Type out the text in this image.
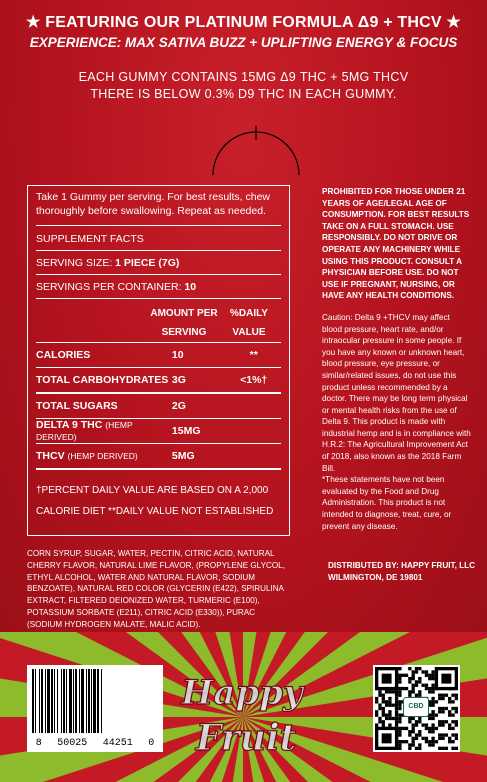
★ FEATURING OUR PLATINUM FORMULA Δ9 + THCV ★
EXPERIENCE: MAX SATIVA BUZZ + UPLIFTING ENERGY & FOCUS
EACH GUMMY CONTAINS 15MG Δ9 THC + 5MG THCV
THERE IS BELOW 0.3% D9 THC IN EACH GUMMY.
Take 1 Gummy per serving. For best results, chew thoroughly before swallowing. Repeat as needed.
SUPPLEMENT FACTS
SERVING SIZE: 1 PIECE (7G)
SERVINGS PER CONTAINER: 10
AMOUNT PER
SERVING
%DAILY
VALUE
CALORIES	10	**
TOTAL CARBOHYDRATES 3G	<1%†
TOTAL SUGARS	2G
DELTA 9 THC (HEMP DERIVED)	15MG
THCV (HEMP DERIVED)	5MG
†PERCENT DAILY VALUE ARE BASED ON A 2,000
CALORIE DIET **DAILY VALUE NOT ESTABLISHED
PROHIBITED FOR THOSE UNDER 21 YEARS OF AGE/LEGAL AGE OF CONSUMPTION. FOR BEST RESULTS TAKE ON A FULL STOMACH. USE RESPONSIBLY. DO NOT DRIVE OR OPERATE ANY MACHINERY WHILE USING THIS PRODUCT. CONSULT A PHYSICIAN BEFORE USE. DO NOT USE IF PREGNANT, NURSING, OR HAVE ANY HEALTH CONDITIONS.
Caution: Delta 9 +THCV may affect blood pressure, heart rate, and/or intraocular pressure in some people. If you have any known or unknown heart, blood pressure, eye pressure, or similar/related issues, do not use this product unless recommended by a doctor. There may be long term physical or mental health risks from the use of Delta 9. This product is made with industrial hemp and is in compliance with H.R.2: The Agricultural Improvement Act of 2018, also known as the 2018 Farm Bill.
*These statements have not been evaluated by the Food and Drug Administration. This product is not intended to diagnose, treat, cure, or prevent any disease.
CORN SYRUP, SUGAR, WATER, PECTIN, CITRIC ACID, NATURAL CHERRY FLAVOR, NATURAL LIME FLAVOR, (PROPYLENE GLYCOL, ETHYL ALCOHOL, WATER AND NATURAL FLAVOR, SODIUM BENZOATE), NATURAL RED COLOR (GLYCERIN (E422), SPIRULINA EXTRACT, FILTERED DEIONIZED WATER, TURMERIC (E100), POTASSIUM SORBATE (E211), CITRIC ACID (E330)), PURAC (SODIUM HYDROGEN MALATE, MALIC ACID).
DISTRIBUTED BY: HAPPY FRUIT, LLC
WILMINGTON, DE 19801
8 50025 44251 0
Happy
Fruit
CBD
